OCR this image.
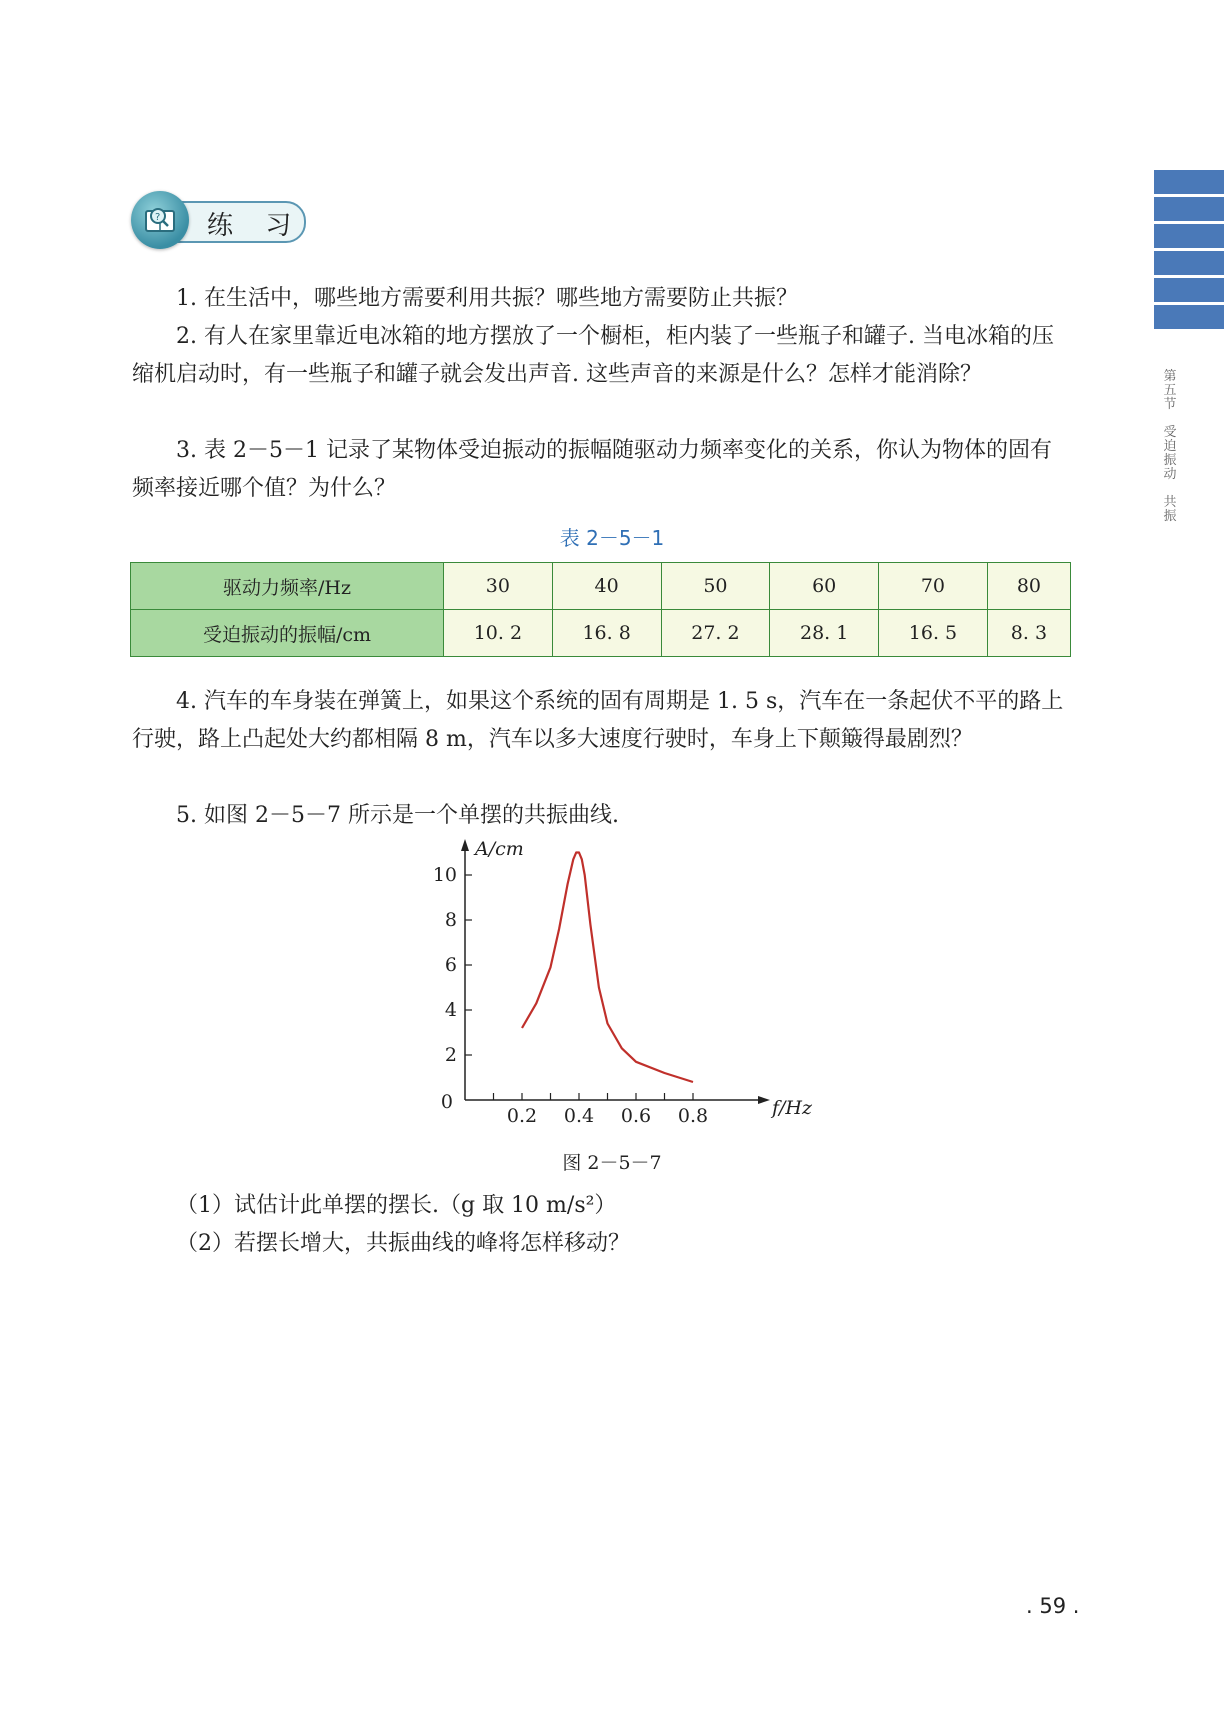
第五节
受迫振动
共振
? 练 习
1. 在生活中，哪些地方需要利用共振？哪些地方需要防止共振？
2. 有人在家里靠近电冰箱的地方摆放了一个橱柜，柜内装了一些瓶子和罐子. 当电冰箱的压缩机启动时，有一些瓶子和罐子就会发出声音. 这些声音的来源是什么？怎样才能消除？
3. 表 2－5－1 记录了某物体受迫振动的振幅随驱动力频率变化的关系，你认为物体的固有频率接近哪个值？为什么？
表 2－5－1
驱动力频率/Hz	30	40	50	60	70	80
受迫振动的振幅/cm	10. 2	16. 8	27. 2	28. 1	16. 5	8. 3
4. 汽车的车身装在弹簧上，如果这个系统的固有周期是 1. 5 s，汽车在一条起伏不平的路上行驶，路上凸起处大约都相隔 8 m，汽车以多大速度行驶时，车身上下颠簸得最剧烈？
5. 如图 2－5－7 所示是一个单摆的共振曲线.
0.2 0.4 0.6 0.8
2
4
6
8
10
0	f/Hz
A/cm
图 2－5－7
（1）试估计此单摆的摆长.（g 取 10 m/s²）
（2）若摆长增大，共振曲线的峰将怎样移动？
. 59 .
